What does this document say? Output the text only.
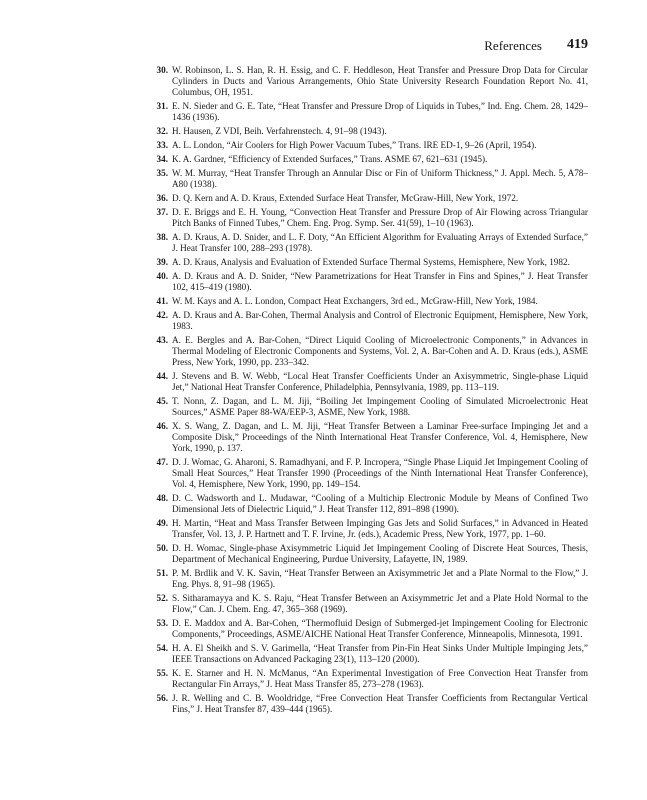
References 419
30. W. Robinson, L. S. Han, R. H. Essig, and C. F. Heddleson, Heat Transfer and Pressure Drop Data for Circular Cylinders in Ducts and Various Arrangements, Ohio State University Research Foundation Report No. 41, Columbus, OH, 1951.
31. E. N. Sieder and G. E. Tate, “Heat Transfer and Pressure Drop of Liquids in Tubes,” Ind. Eng. Chem. 28, 1429–1436 (1936).
32. H. Hausen, Z VDI, Beih. Verfahrenstech. 4, 91–98 (1943).
33. A. L. London, “Air Coolers for High Power Vacuum Tubes,” Trans. IRE ED-1, 9–26 (April, 1954).
34. K. A. Gardner, “Efficiency of Extended Surfaces,” Trans. ASME 67, 621–631 (1945).
35. W. M. Murray, “Heat Transfer Through an Annular Disc or Fin of Uniform Thickness,” J. Appl. Mech. 5, A78–A80 (1938).
36. D. Q. Kern and A. D. Kraus, Extended Surface Heat Transfer, McGraw-Hill, New York, 1972.
37. D. E. Briggs and E. H. Young, “Convection Heat Transfer and Pressure Drop of Air Flowing across Triangular Pitch Banks of Finned Tubes,” Chem. Eng. Prog. Symp. Ser. 41(59), 1–10 (1963).
38. A. D. Kraus, A. D. Snider, and L. F. Doty, “An Efficient Algorithm for Evaluating Arrays of Extended Surface,” J. Heat Transfer 100, 288–293 (1978).
39. A. D. Kraus, Analysis and Evaluation of Extended Surface Thermal Systems, Hemisphere, New York, 1982.
40. A. D. Kraus and A. D. Snider, “New Parametrizations for Heat Transfer in Fins and Spines,” J. Heat Transfer 102, 415–419 (1980).
41. W. M. Kays and A. L. London, Compact Heat Exchangers, 3rd ed., McGraw-Hill, New York, 1984.
42. A. D. Kraus and A. Bar-Cohen, Thermal Analysis and Control of Electronic Equipment, Hemisphere, New York, 1983.
43. A. E. Bergles and A. Bar-Cohen, “Direct Liquid Cooling of Microelectronic Components,” in Advances in Thermal Modeling of Electronic Components and Systems, Vol. 2, A. Bar-Cohen and A. D. Kraus (eds.), ASME Press, New York, 1990, pp. 233–342.
44. J. Stevens and B. W. Webb, “Local Heat Transfer Coefficients Under an Axisymmetric, Single-phase Liquid Jet,” National Heat Transfer Conference, Philadelphia, Pennsylvania, 1989, pp. 113–119.
45. T. Nonn, Z. Dagan, and L. M. Jiji, “Boiling Jet Impingement Cooling of Simulated Microelectronic Heat Sources,” ASME Paper 88-WA/EEP-3, ASME, New York, 1988.
46. X. S. Wang, Z. Dagan, and L. M. Jiji, “Heat Transfer Between a Laminar Free-surface Impinging Jet and a Composite Disk,” Proceedings of the Ninth International Heat Transfer Conference, Vol. 4, Hemisphere, New York, 1990, p. 137.
47. D. J. Womac, G. Aharoni, S. Ramadhyani, and F. P. Incropera, “Single Phase Liquid Jet Impingement Cooling of Small Heat Sources,” Heat Transfer 1990 (Proceedings of the Ninth International Heat Transfer Conference), Vol. 4, Hemisphere, New York, 1990, pp. 149–154.
48. D. C. Wadsworth and L. Mudawar, “Cooling of a Multichip Electronic Module by Means of Confined Two Dimensional Jets of Dielectric Liquid,” J. Heat Transfer 112, 891–898 (1990).
49. H. Martin, “Heat and Mass Transfer Between Impinging Gas Jets and Solid Surfaces,” in Advanced in Heated Transfer, Vol. 13, J. P. Hartnett and T. F. Irvine, Jr. (eds.), Academic Press, New York, 1977, pp. 1–60.
50. D. H. Womac, Single-phase Axisymmetric Liquid Jet Impingement Cooling of Discrete Heat Sources, Thesis, Department of Mechanical Engineering, Purdue University, Lafayette, IN, 1989.
51. P. M. Brdlik and V. K. Savin, “Heat Transfer Between an Axisymmetric Jet and a Plate Normal to the Flow,” J. Eng. Phys. 8, 91–98 (1965).
52. S. Sitharamayya and K. S. Raju, “Heat Transfer Between an Axisymmetric Jet and a Plate Hold Normal to the Flow,” Can. J. Chem. Eng. 47, 365–368 (1969).
53. D. E. Maddox and A. Bar-Cohen, “Thermofluid Design of Submerged-jet Impingement Cooling for Electronic Components,” Proceedings, ASME/AICHE National Heat Transfer Conference, Minneapolis, Minnesota, 1991.
54. H. A. El Sheikh and S. V. Garimella, “Heat Transfer from Pin-Fin Heat Sinks Under Multiple Impinging Jets,” IEEE Transactions on Advanced Packaging 23(1), 113–120 (2000).
55. K. E. Starner and H. N. McManus, “An Experimental Investigation of Free Convection Heat Transfer from Rectangular Fin Arrays,” J. Heat Mass Transfer 85, 273–278 (1963).
56. J. R. Welling and C. B. Wooldridge, “Free Convection Heat Transfer Coefficients from Rectangular Vertical Fins,” J. Heat Transfer 87, 439–444 (1965).
